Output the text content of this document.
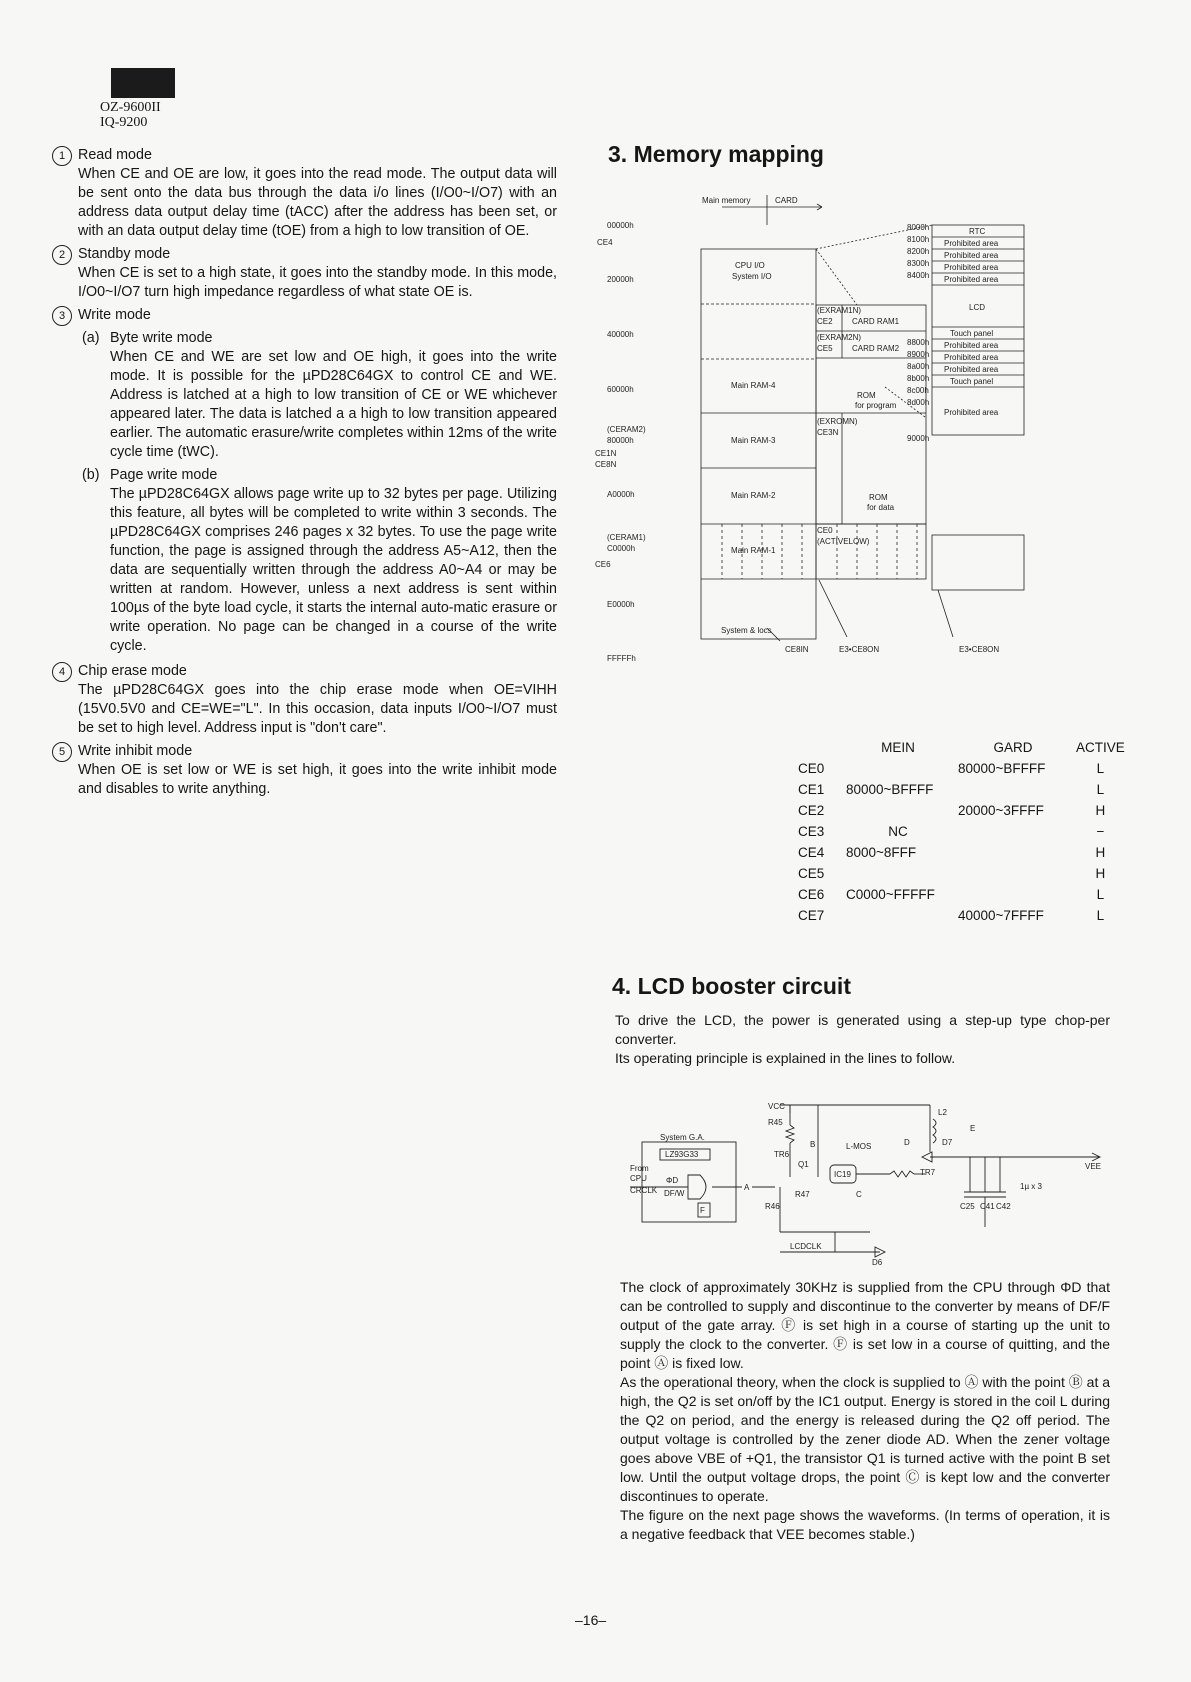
OZ-9600II
IQ-9200
1 Read mode
When CE and OE are low, it goes into the read mode. The output data will be sent onto the data bus through the data i/o lines (I/O0~I/O7) with an address data output delay time (tACC) after the address has been set, or with an data output delay time (tOE) from a high to low transition of OE.
2 Standby mode
When CE is set to a high state, it goes into the standby mode. In this mode, I/O0~I/O7 turn high impedance regardless of what state OE is.
3 Write mode
(a) Byte write mode
When CE and WE are set low and OE high, it goes into the write mode. It is possible for the µPD28C64GX to control CE and WE. Address is latched at a high to low transition of CE or WE whichever appeared later. The data is latched a a high to low transition appeared earlier. The automatic erasure/write completes within 12ms of the write cycle time (tWC).
(b) Page write mode
The µPD28C64GX allows page write up to 32 bytes per page. Utilizing this feature, all bytes will be completed to write within 3 seconds. The µPD28C64GX comprises 246 pages x 32 bytes. To use the page write function, the page is assigned through the address A5~A12, then the data are sequentially written through the address A0~A4 or may be written at random. However, unless a next address is sent within 100µs of the byte load cycle, it starts the internal auto-matic erasure or write operation. No page can be changed in a course of the write cycle.
4 Chip erase mode
The µPD28C64GX goes into the chip erase mode when OE=VIHH (15V0.5V0 and CE=WE="L". In this occasion, data inputs I/O0~I/O7 must be set to high level. Address input is "don't care".
5 Write inhibit mode
When OE is set low or WE is set high, it goes into the write inhibit mode and disables to write anything.
3. Memory mapping
Main memory	CARD
00000h
CE4
20000h
40000h
60000h
(CERAM2)
80000h
CE1N
CE8N
A0000h
(CERAM1)
C0000h
CE6
E0000h
FFFFFh
CPU I/O
System I/O
Main RAM-4
Main RAM-3
Main RAM-2
Main RAM-1
System & locs
(EXRAM1N)
CE2 CARD RAM1
(EXRAM2N)
CE5 CARD RAM2
ROM
for program
(EXROMN)
CE3N
ROM
for data
CE0
(ACTIVELOW)
8000h
8100h
8200h
8300h
8400h
8800h
8900h
8a00h
8b00h
8c00h
8d00h
9000h
RTC
Prohibited area
Prohibited area
Prohibited area
Prohibited area
LCD
Touch panel
Prohibited area
Prohibited area
Prohibited area
Touch panel
Prohibited area
CE8IN	E3•CE8ON	E3•CE8ON
	MEIN	GARD	ACTIVE
CE0		80000~BFFFF	L
CE1	80000~BFFFF		L
CE2		20000~3FFFF	H
CE3	NC		−
CE4	8000~8FFF		H
CE5			H
CE6	C0000~FFFFF		L
CE7		40000~7FFFF	L
4. LCD booster circuit
To drive the LCD, the power is generated using a step-up type chop-per converter.
Its operating principle is explained in the lines to follow.
VCC
System G.A.
LZ93G33
From
CPU
CRCLK
ΦD
DF/W
R45
TR6
Q1
R47
R46
L-MOS
IC19
L2
D7
TR7
VEE
1µ x 3
C25 C41 C42
LCDCLK
D6
A
B
C
D
E
F
The clock of approximately 30KHz is supplied from the CPU through ΦD that can be controlled to supply and discontinue to the converter by means of DF/F output of the gate array. Ⓕ is set high in a course of starting up the unit to supply the clock to the converter. Ⓕ is set low in a course of quitting, and the point Ⓐ is fixed low.
As the operational theory, when the clock is supplied to Ⓐ with the point Ⓑ at a high, the Q2 is set on/off by the IC1 output. Energy is stored in the coil L during the Q2 on period, and the energy is released during the Q2 off period. The output voltage is controlled by the zener diode AD. When the zener voltage goes above VBE of +Q1, the transistor Q1 is turned active with the point B set low. Until the output voltage drops, the point Ⓒ is kept low and the converter discontinues to operate.
The figure on the next page shows the waveforms. (In terms of operation, it is a negative feedback that VEE becomes stable.)
–16–
